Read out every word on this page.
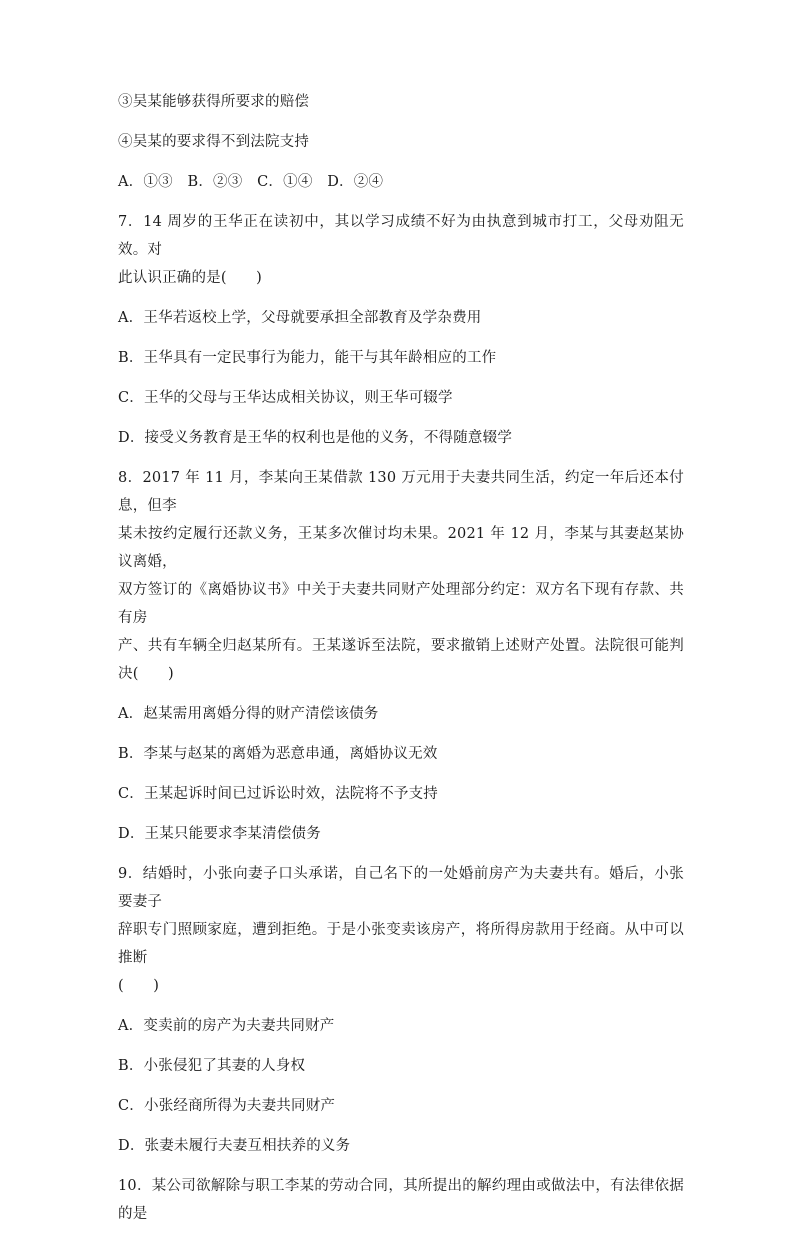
③吴某能够获得所要求的赔偿
④吴某的要求得不到法院支持
A．①③　B．②③　C．①④　D．②④
7．14 周岁的王华正在读初中，其以学习成绩不好为由执意到城市打工，父母劝阻无效。对
此认识正确的是(　　)
A．王华若返校上学，父母就要承担全部教育及学杂费用
B．王华具有一定民事行为能力，能干与其年龄相应的工作
C．王华的父母与王华达成相关协议，则王华可辍学
D．接受义务教育是王华的权利也是他的义务，不得随意辍学
8．2017 年 11 月，李某向王某借款 130 万元用于夫妻共同生活，约定一年后还本付息，但李
某未按约定履行还款义务，王某多次催讨均未果。2021 年 12 月，李某与其妻赵某协议离婚，
双方签订的《离婚协议书》中关于夫妻共同财产处理部分约定：双方名下现有存款、共有房
产、共有车辆全归赵某所有。王某遂诉至法院，要求撤销上述财产处置。法院很可能判决(　　)
A．赵某需用离婚分得的财产清偿该债务
B．李某与赵某的离婚为恶意串通，离婚协议无效
C．王某起诉时间已过诉讼时效，法院将不予支持
D．王某只能要求李某清偿债务
9．结婚时，小张向妻子口头承诺，自己名下的一处婚前房产为夫妻共有。婚后，小张要妻子
辞职专门照顾家庭，遭到拒绝。于是小张变卖该房产，将所得房款用于经商。从中可以推断
(　　)
A．变卖前的房产为夫妻共同财产
B．小张侵犯了其妻的人身权
C．小张经商所得为夫妻共同财产
D．张妻未履行夫妻互相扶养的义务
10．某公司欲解除与职工李某的劳动合同，其所提出的解约理由或做法中，有法律依据的是
